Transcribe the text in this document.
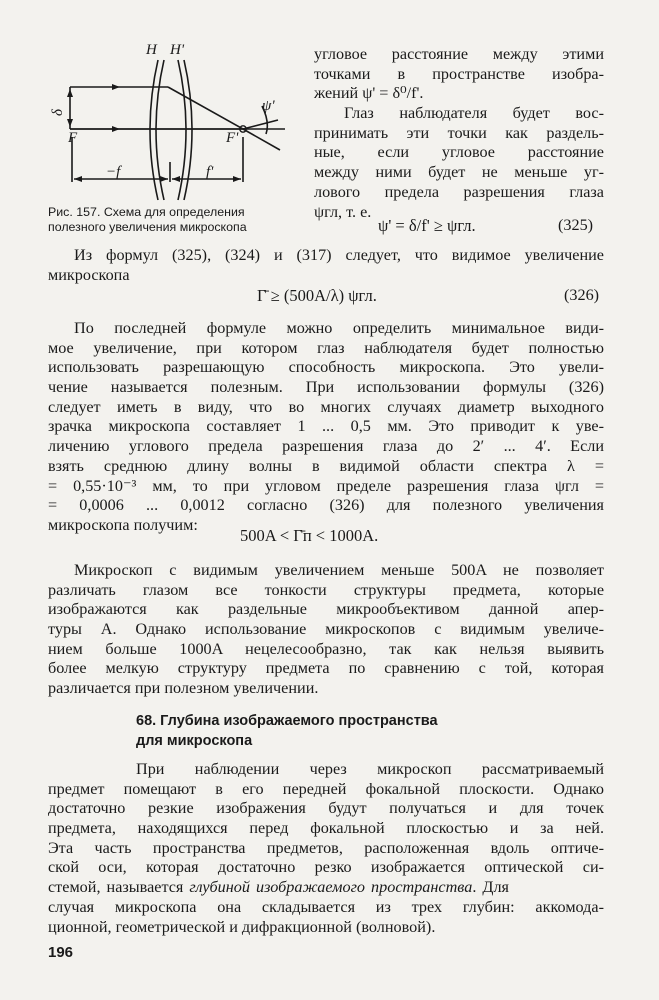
H H'
δ
F	F'
ψ'
−f	f'
Рис. 157. Схема для определения
полезного увеличения микроскопа
угловое расстояние между этими
точками в пространстве изобра-
жений ψ' = δ⁰/f'.
Глаз наблюдателя будет вос-
принимать эти точки как раздель-
ные, если угловое расстояние
между ними будет не меньше уг-
лового предела разрешения глаза
ψгл, т. е.
ψ' = δ/f' ≥ ψгл.	(325)
Из формул (325), (324) и (317) следует, что видимое увеличение
микроскопа
Γ̄ ≥ (500A/λ) ψгл.	(326)
По последней формуле можно определить минимальное види-
мое увеличение, при котором глаз наблюдателя будет полностью
использовать разрешающую способность микроскопа. Это увели-
чение называется полезным. При использовании формулы (326)
следует иметь в виду, что во многих случаях диаметр выходного
зрачка микроскопа составляет 1 ... 0,5 мм. Это приводит к уве-
личению углового предела разрешения глаза до 2′ ... 4′. Если
взять среднюю длину волны в видимой области спектра λ =
= 0,55·10⁻³ мм, то при угловом пределе разрешения глаза ψгл =
= 0,0006 ... 0,0012 согласно (326) для полезного увеличения
микроскопа получим:
500A < Γ̄п < 1000A.
Микроскоп с видимым увеличением меньше 500A не позволяет
различать глазом все тонкости структуры предмета, которые
изображаются как раздельные микрообъективом данной апер-
туры A. Однако использование микроскопов с видимым увеличе-
нием больше 1000A нецелесообразно, так как нельзя выявить
более мелкую структуру предмета по сравнению с той, которая
различается при полезном увеличении.
68. Глубина изображаемого пространства
для микроскопа
При наблюдении через микроскоп рассматриваемый
предмет помещают в его передней фокальной плоскости. Однако
достаточно резкие изображения будут получаться и для точек
предмета, находящихся перед фокальной плоскостью и за ней.
Эта часть пространства предметов, расположенная вдоль оптиче-
ской оси, которая достаточно резко изображается оптической си-
стемой, называется глубиной изображаемого пространства. Для
случая микроскопа она складывается из трех глубин: аккомода-
ционной, геометрической и дифракционной (волновой).
196
